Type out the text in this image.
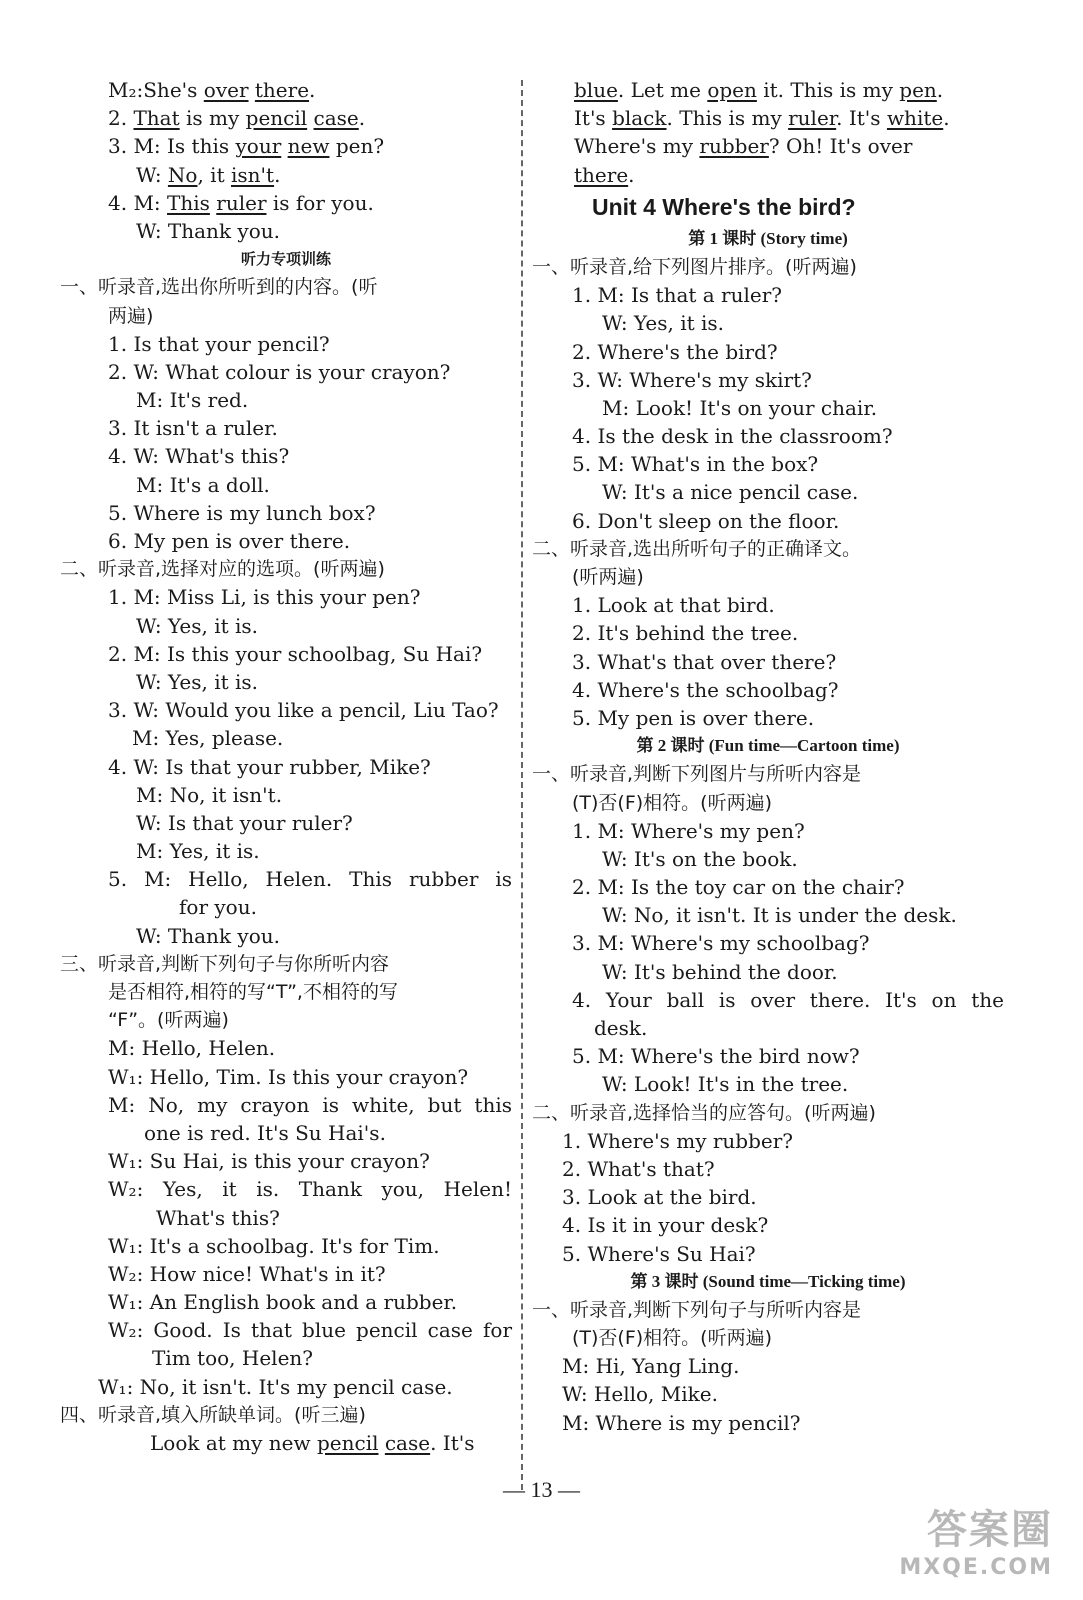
M₂:She's over there.
2. That is my pencil case.
3. M: Is this your new pen?
W: No, it isn't.
4. M: This ruler is for you.
W: Thank you.
听力专项训练
一、听录音,选出你所听到的内容。(听
两遍)
1. Is that your pencil?
2. W: What colour is your crayon?
M: It's red.
3. It isn't a ruler.
4. W: What's this?
M: It's a doll.
5. Where is my lunch box?
6. My pen is over there.
二、听录音,选择对应的选项。(听两遍)
1. M: Miss Li, is this your pen?
W: Yes, it is.
2. M: Is this your schoolbag, Su Hai?
W: Yes, it is.
3. W: Would you like a pencil, Liu Tao?
M: Yes, please.
4. W: Is that your rubber, Mike?
M: No, it isn't.
W: Is that your ruler?
M: Yes, it is.
5. M: Hello, Helen. This rubber is
for you.
W: Thank you.
三、听录音,判断下列句子与你所听内容
是否相符,相符的写“T”,不相符的写
“F”。(听两遍)
M: Hello, Helen.
W₁: Hello, Tim. Is this your crayon?
M: No, my crayon is white, but this
one is red. It's Su Hai's.
W₁: Su Hai, is this your crayon?
W₂: Yes, it is. Thank you, Helen!
What's this?
W₁: It's a schoolbag. It's for Tim.
W₂: How nice! What's in it?
W₁: An English book and a rubber.
W₂: Good. Is that blue pencil case for
Tim too, Helen?
W₁: No, it isn't. It's my pencil case.
四、听录音,填入所缺单词。(听三遍)
Look at my new pencil case. It's
blue. Let me open it. This is my pen.
It's black. This is my ruler. It's white.
Where's my rubber? Oh! It's over
there.
Unit 4 Where's the bird?
第 1 课时 (Story time)
一、听录音,给下列图片排序。(听两遍)
1. M: Is that a ruler?
W: Yes, it is.
2. Where's the bird?
3. W: Where's my skirt?
M: Look! It's on your chair.
4. Is the desk in the classroom?
5. M: What's in the box?
W: It's a nice pencil case.
6. Don't sleep on the floor.
二、听录音,选出所听句子的正确译文。
(听两遍)
1. Look at that bird.
2. It's behind the tree.
3. What's that over there?
4. Where's the schoolbag?
5. My pen is over there.
第 2 课时 (Fun time—Cartoon time)
一、听录音,判断下列图片与所听内容是
(T)否(F)相符。(听两遍)
1. M: Where's my pen?
W: It's on the book.
2. M: Is the toy car on the chair?
W: No, it isn't. It is under the desk.
3. M: Where's my schoolbag?
W: It's behind the door.
4. Your ball is over there. It's on the
desk.
5. M: Where's the bird now?
W: Look! It's in the tree.
二、听录音,选择恰当的应答句。(听两遍)
1. Where's my rubber?
2. What's that?
3. Look at the bird.
4. Is it in your desk?
5. Where's Su Hai?
第 3 课时 (Sound time—Ticking time)
一、听录音,判断下列句子与所听内容是
(T)否(F)相符。(听两遍)
M: Hi, Yang Ling.
W: Hello, Mike.
M: Where is my pencil?
— 13 —
答案圈
MXQE.COM
